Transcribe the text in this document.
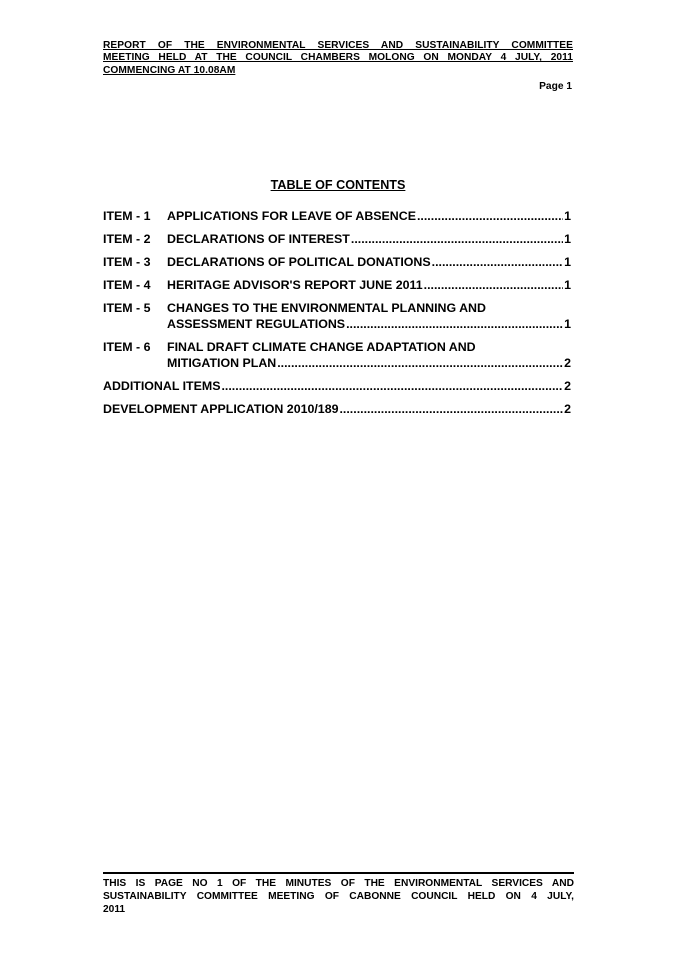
REPORT OF THE ENVIRONMENTAL SERVICES AND SUSTAINABILITY COMMITTEE
MEETING HELD AT THE COUNCIL CHAMBERS MOLONG ON MONDAY 4 JULY, 2011
COMMENCING AT 10.08AM
Page 1
TABLE OF CONTENTS
ITEM - 1	APPLICATIONS FOR LEAVE OF ABSENCE .....	1
ITEM - 2	DECLARATIONS OF INTEREST .....	1
ITEM - 3	DECLARATIONS OF POLITICAL DONATIONS .....	1
ITEM - 4	HERITAGE ADVISOR'S REPORT JUNE 2011 .....	1
ITEM - 5	CHANGES TO THE ENVIRONMENTAL PLANNING AND
ASSESSMENT REGULATIONS .....	1
ITEM - 6	FINAL DRAFT CLIMATE CHANGE ADAPTATION AND
MITIGATION PLAN .....	2
ADDITIONAL ITEMS .....	2
DEVELOPMENT APPLICATION 2010/189 .....	2
THIS IS PAGE NO 1 OF THE MINUTES OF THE ENVIRONMENTAL SERVICES AND
SUSTAINABILITY COMMITTEE MEETING OF CABONNE COUNCIL HELD ON 4 JULY,
2011
